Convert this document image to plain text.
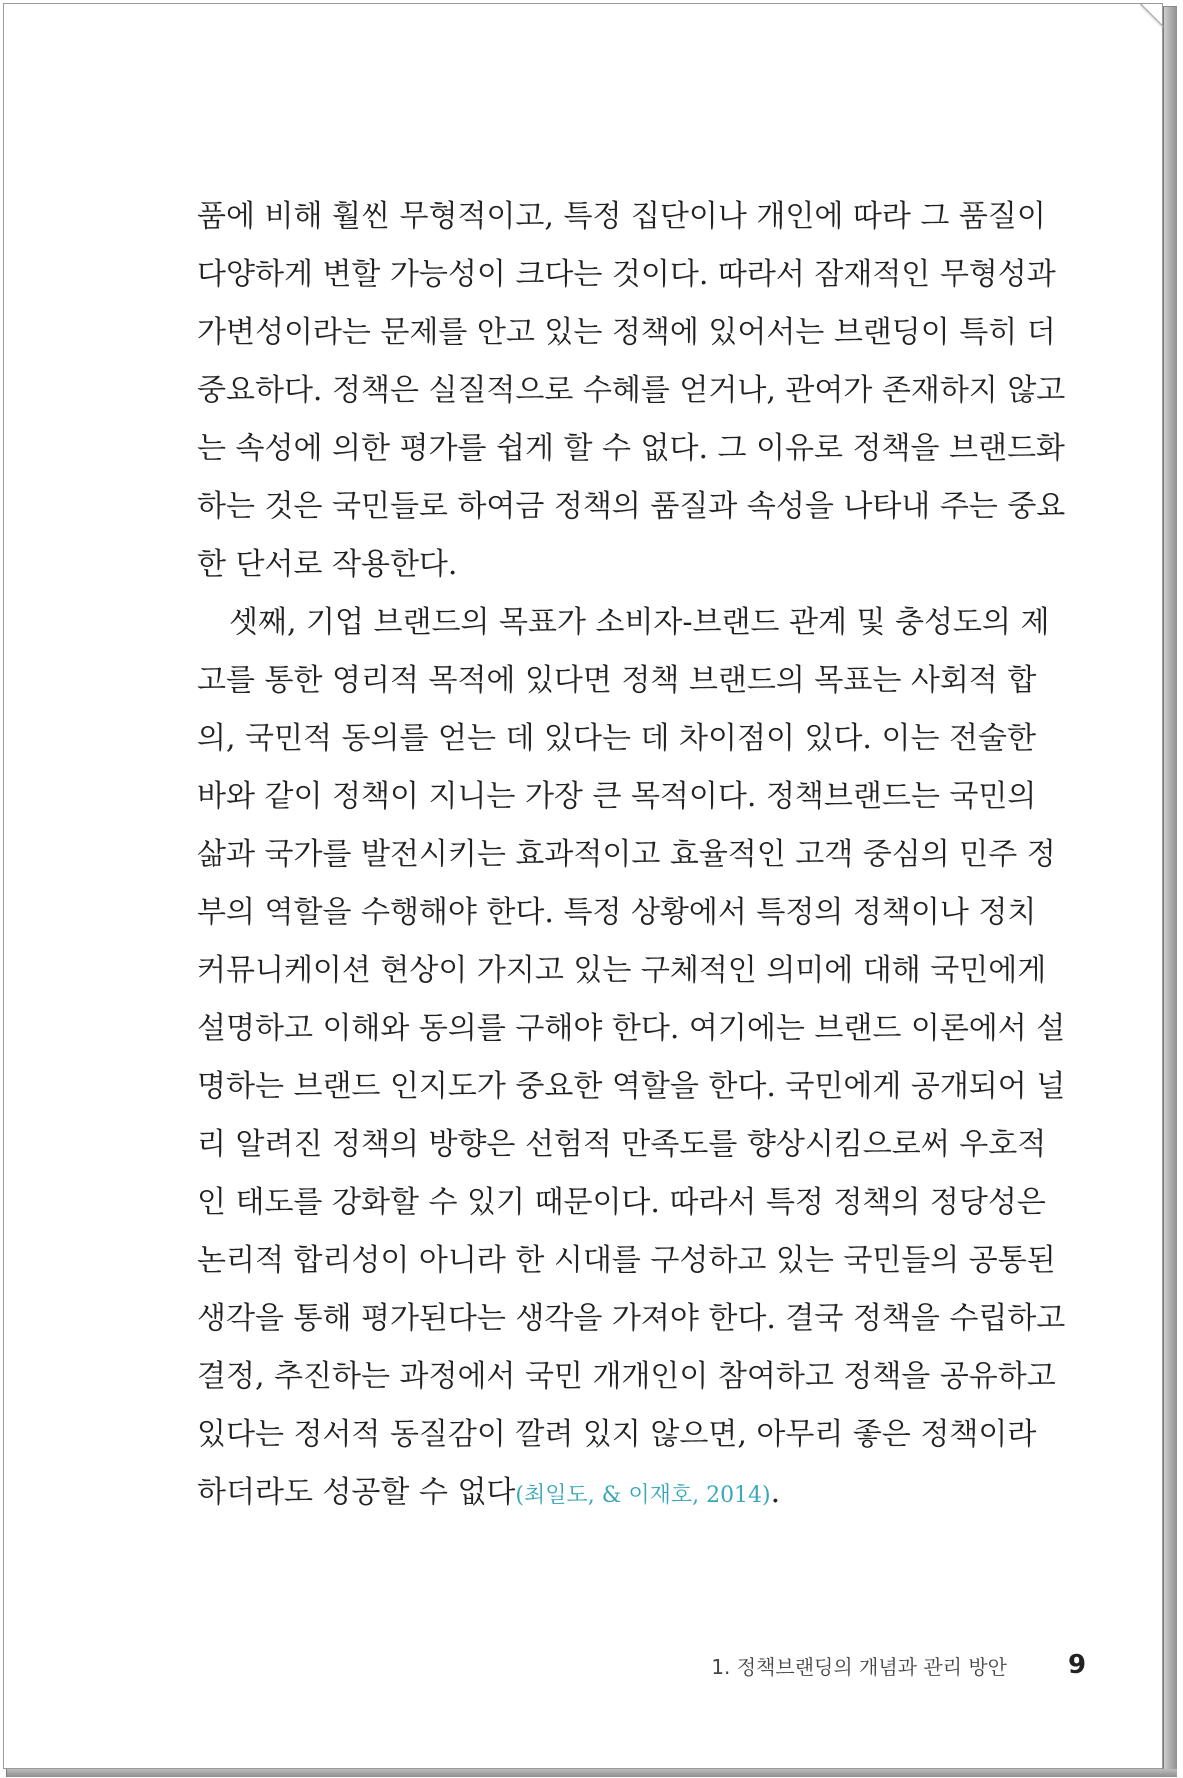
품에 비해 훨씬 무형적이고, 특정 집단이나 개인에 따라 그 품질이
다양하게 변할 가능성이 크다는 것이다. 따라서 잠재적인 무형성과
가변성이라는 문제를 안고 있는 정책에 있어서는 브랜딩이 특히 더
중요하다. 정책은 실질적으로 수혜를 얻거나, 관여가 존재하지 않고
는 속성에 의한 평가를 쉽게 할 수 없다. 그 이유로 정책을 브랜드화
하는 것은 국민들로 하여금 정책의 품질과 속성을 나타내 주는 중요
한 단서로 작용한다.
셋째, 기업 브랜드의 목표가 소비자-브랜드 관계 및 충성도의 제
고를 통한 영리적 목적에 있다면 정책 브랜드의 목표는 사회적 합
의, 국민적 동의를 얻는 데 있다는 데 차이점이 있다. 이는 전술한
바와 같이 정책이 지니는 가장 큰 목적이다. 정책브랜드는 국민의
삶과 국가를 발전시키는 효과적이고 효율적인 고객 중심의 민주 정
부의 역할을 수행해야 한다. 특정 상황에서 특정의 정책이나 정치
커뮤니케이션 현상이 가지고 있는 구체적인 의미에 대해 국민에게
설명하고 이해와 동의를 구해야 한다. 여기에는 브랜드 이론에서 설
명하는 브랜드 인지도가 중요한 역할을 한다. 국민에게 공개되어 널
리 알려진 정책의 방향은 선험적 만족도를 향상시킴으로써 우호적
인 태도를 강화할 수 있기 때문이다. 따라서 특정 정책의 정당성은
논리적 합리성이 아니라 한 시대를 구성하고 있는 국민들의 공통된
생각을 통해 평가된다는 생각을 가져야 한다. 결국 정책을 수립하고
결정, 추진하는 과정에서 국민 개개인이 참여하고 정책을 공유하고
있다는 정서적 동질감이 깔려 있지 않으면, 아무리 좋은 정책이라
하더라도 성공할 수 없다(최일도, & 이재호, 2014).
1. 정책브랜딩의 개념과 관리 방안 9
